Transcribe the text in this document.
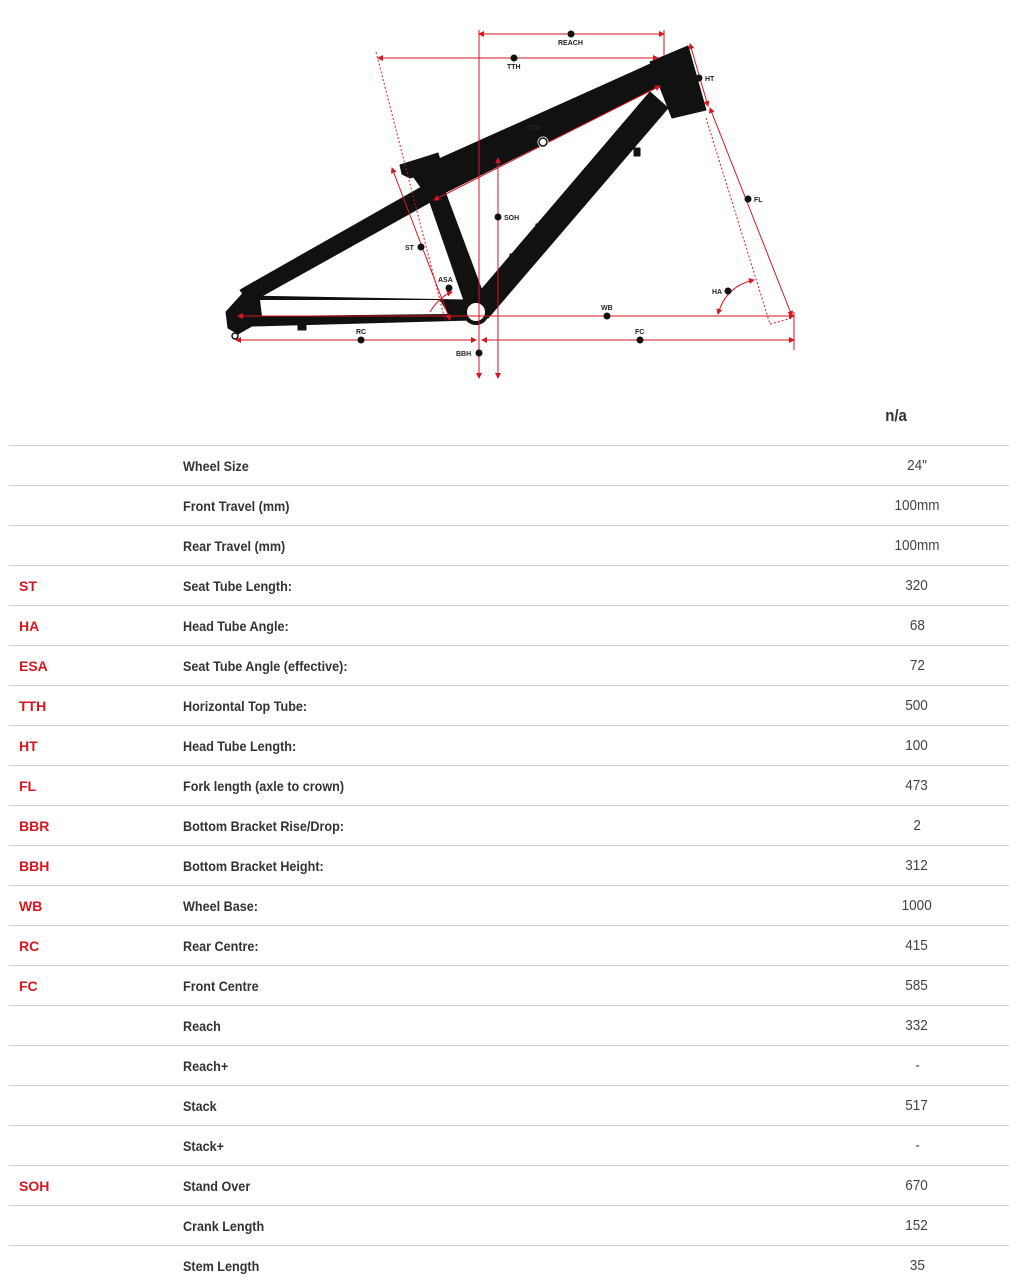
REACH
TTH
HT
TTA
SOH
FL
ST
ASA
HA
WB
RC	FC
BBH
n/a
	Wheel Size	24"
	Front Travel (mm)	100mm
	Rear Travel (mm)	100mm
ST	Seat Tube Length:	320
HA	Head Tube Angle:	68
ESA	Seat Tube Angle (effective):	72
TTH	Horizontal Top Tube:	500
HT	Head Tube Length:	100
FL	Fork length (axle to crown)	473
BBR	Bottom Bracket Rise/Drop:	2
BBH	Bottom Bracket Height:	312
WB	Wheel Base:	1000
RC	Rear Centre:	415
FC	Front Centre	585
	Reach	332
	Reach+	-
	Stack	517
	Stack+	-
SOH	Stand Over	670
	Crank Length	152
	Stem Length	35
